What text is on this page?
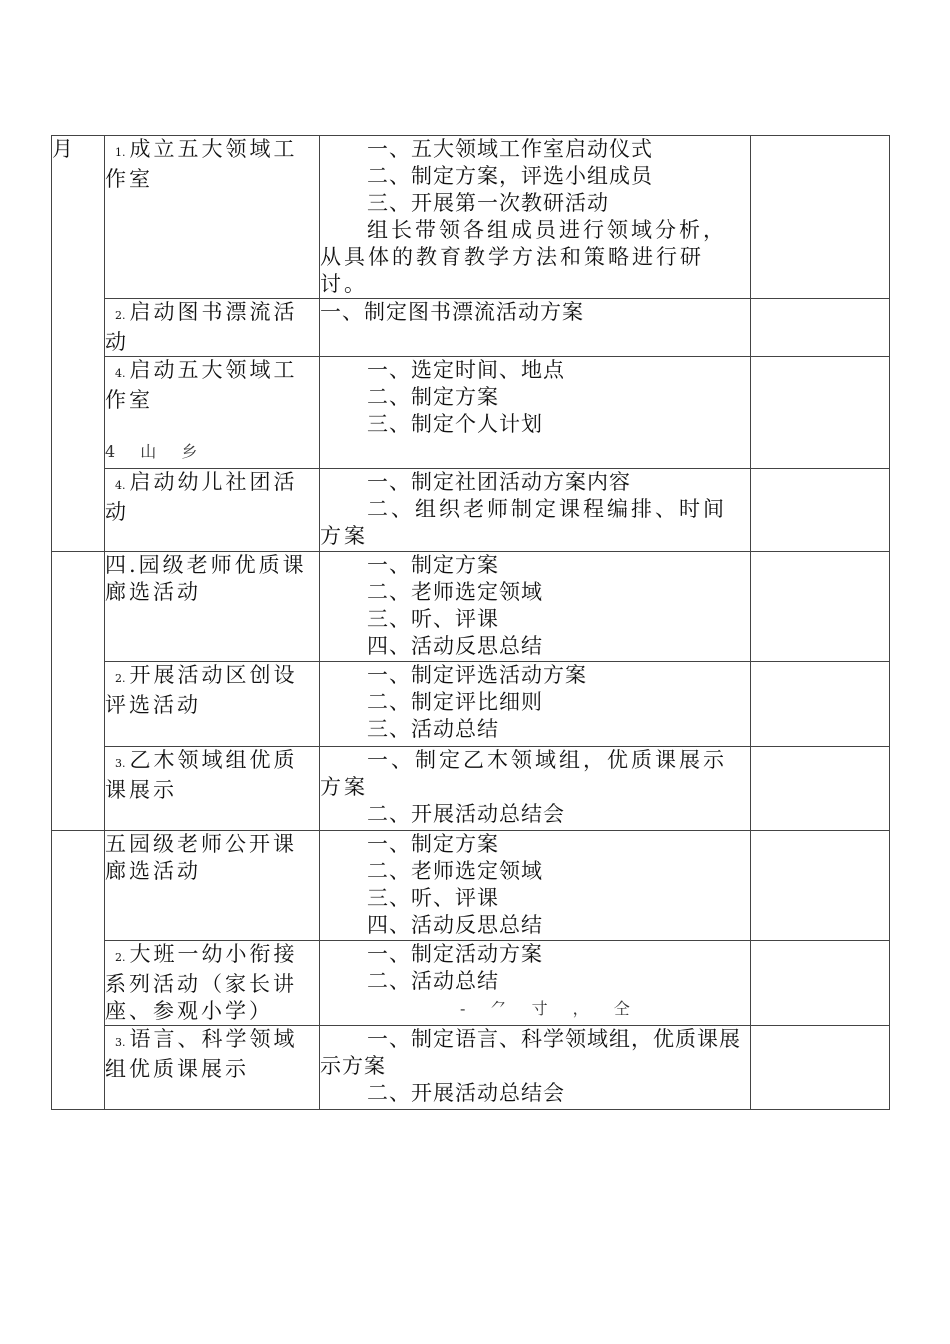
月	1. 成立五大领域工作室	一、五大领域工作室启动仪式
二、制定方案，评选小组成员
三、开展第一次教研活动
组长带领各组成员进行领域分析，从具体的教育教学方法和策略进行研讨。	

	2. 启动图书漂流活动	一、制定图书漂流活动方案	

	4. 启动五大领域工作室
4 山 乡	一、选定时间、地点
二、制定方案
三、制定个人计划	

	4. 启动幼儿社团活动	一、制定社团活动方案内容
二、组织老师制定课程编排、时间方案	

	四.园级老师优质课廊选活动	一、制定方案
二、老师选定领域
三、听、评课
四、活动反思总结	

	2. 开展活动区创设评选活动	一、制定评选活动方案
二、制定评比细则
三、活动总结	

	3. 乙木领域组优质课展示	一、制定乙木领域组，优质课展示方案
二、开展活动总结会	

	五园级老师公开课廊选活动	一、制定方案
二、老师选定领域
三、听、评课
四、活动反思总结	

	2. 大班一幼小衔接系列活动（家长讲座、参观小学）	一、制定活动方案
二、活动总结
- ⺈ 寸 ， 仝	

	3. 语言、科学领域组优质课展示	一、制定语言、科学领域组，优质课展示方案
二、开展活动总结会	
